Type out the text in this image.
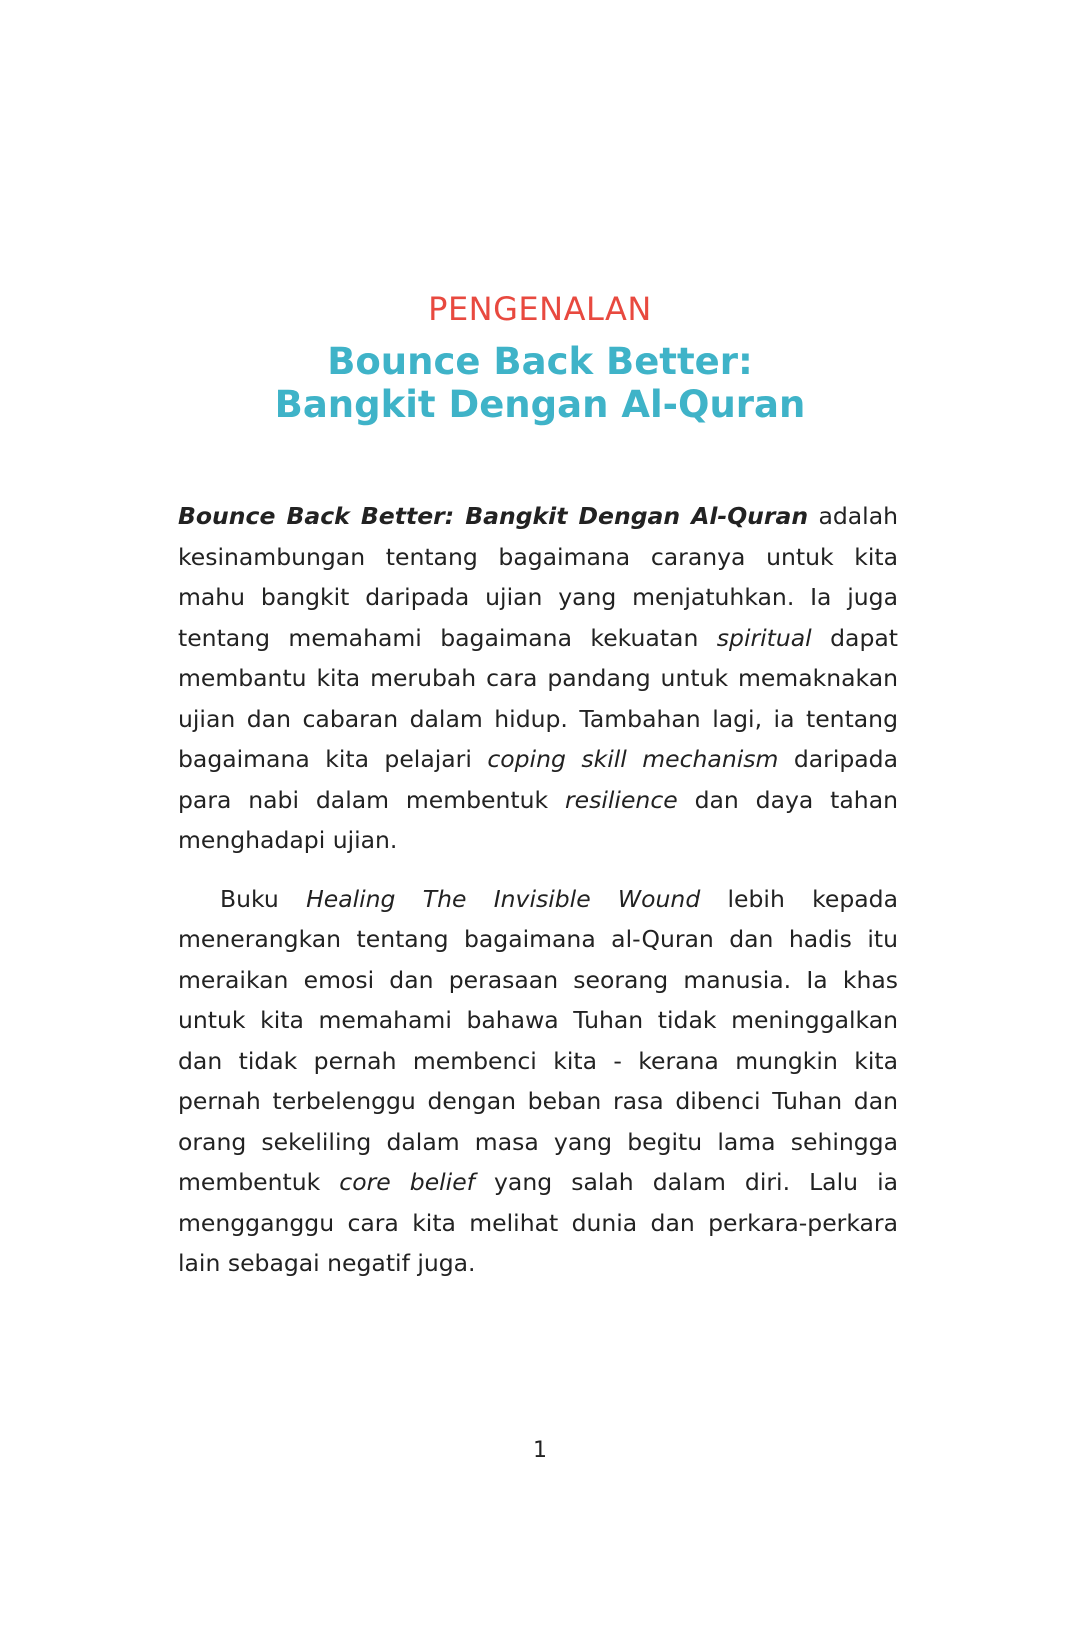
PENGENALAN

Bounce Back Better:
Bangkit Dengan Al-Quran

Bounce Back Better: Bangkit Dengan Al-Quran adalah kesinambungan tentang bagaimana caranya untuk kita mahu bangkit daripada ujian yang menjatuhkan. Ia juga tentang memahami bagaimana kekuatan spiritual dapat membantu kita merubah cara pandang untuk memaknakan ujian dan cabaran dalam hidup. Tambahan lagi, ia tentang bagaimana kita pelajari coping skill mechanism daripada para nabi dalam membentuk resilience dan daya tahan menghadapi ujian.

Buku Healing The Invisible Wound lebih kepada menerangkan tentang bagaimana al-Quran dan hadis itu meraikan emosi dan perasaan seorang manusia. Ia khas untuk kita memahami bahawa Tuhan tidak meninggalkan dan tidak pernah membenci kita - kerana mungkin kita pernah terbelenggu dengan beban rasa dibenci Tuhan dan orang sekeliling dalam masa yang begitu lama sehingga membentuk core belief yang salah dalam diri. Lalu ia mengganggu cara kita melihat dunia dan perkara-perkara lain sebagai negatif juga.

1
